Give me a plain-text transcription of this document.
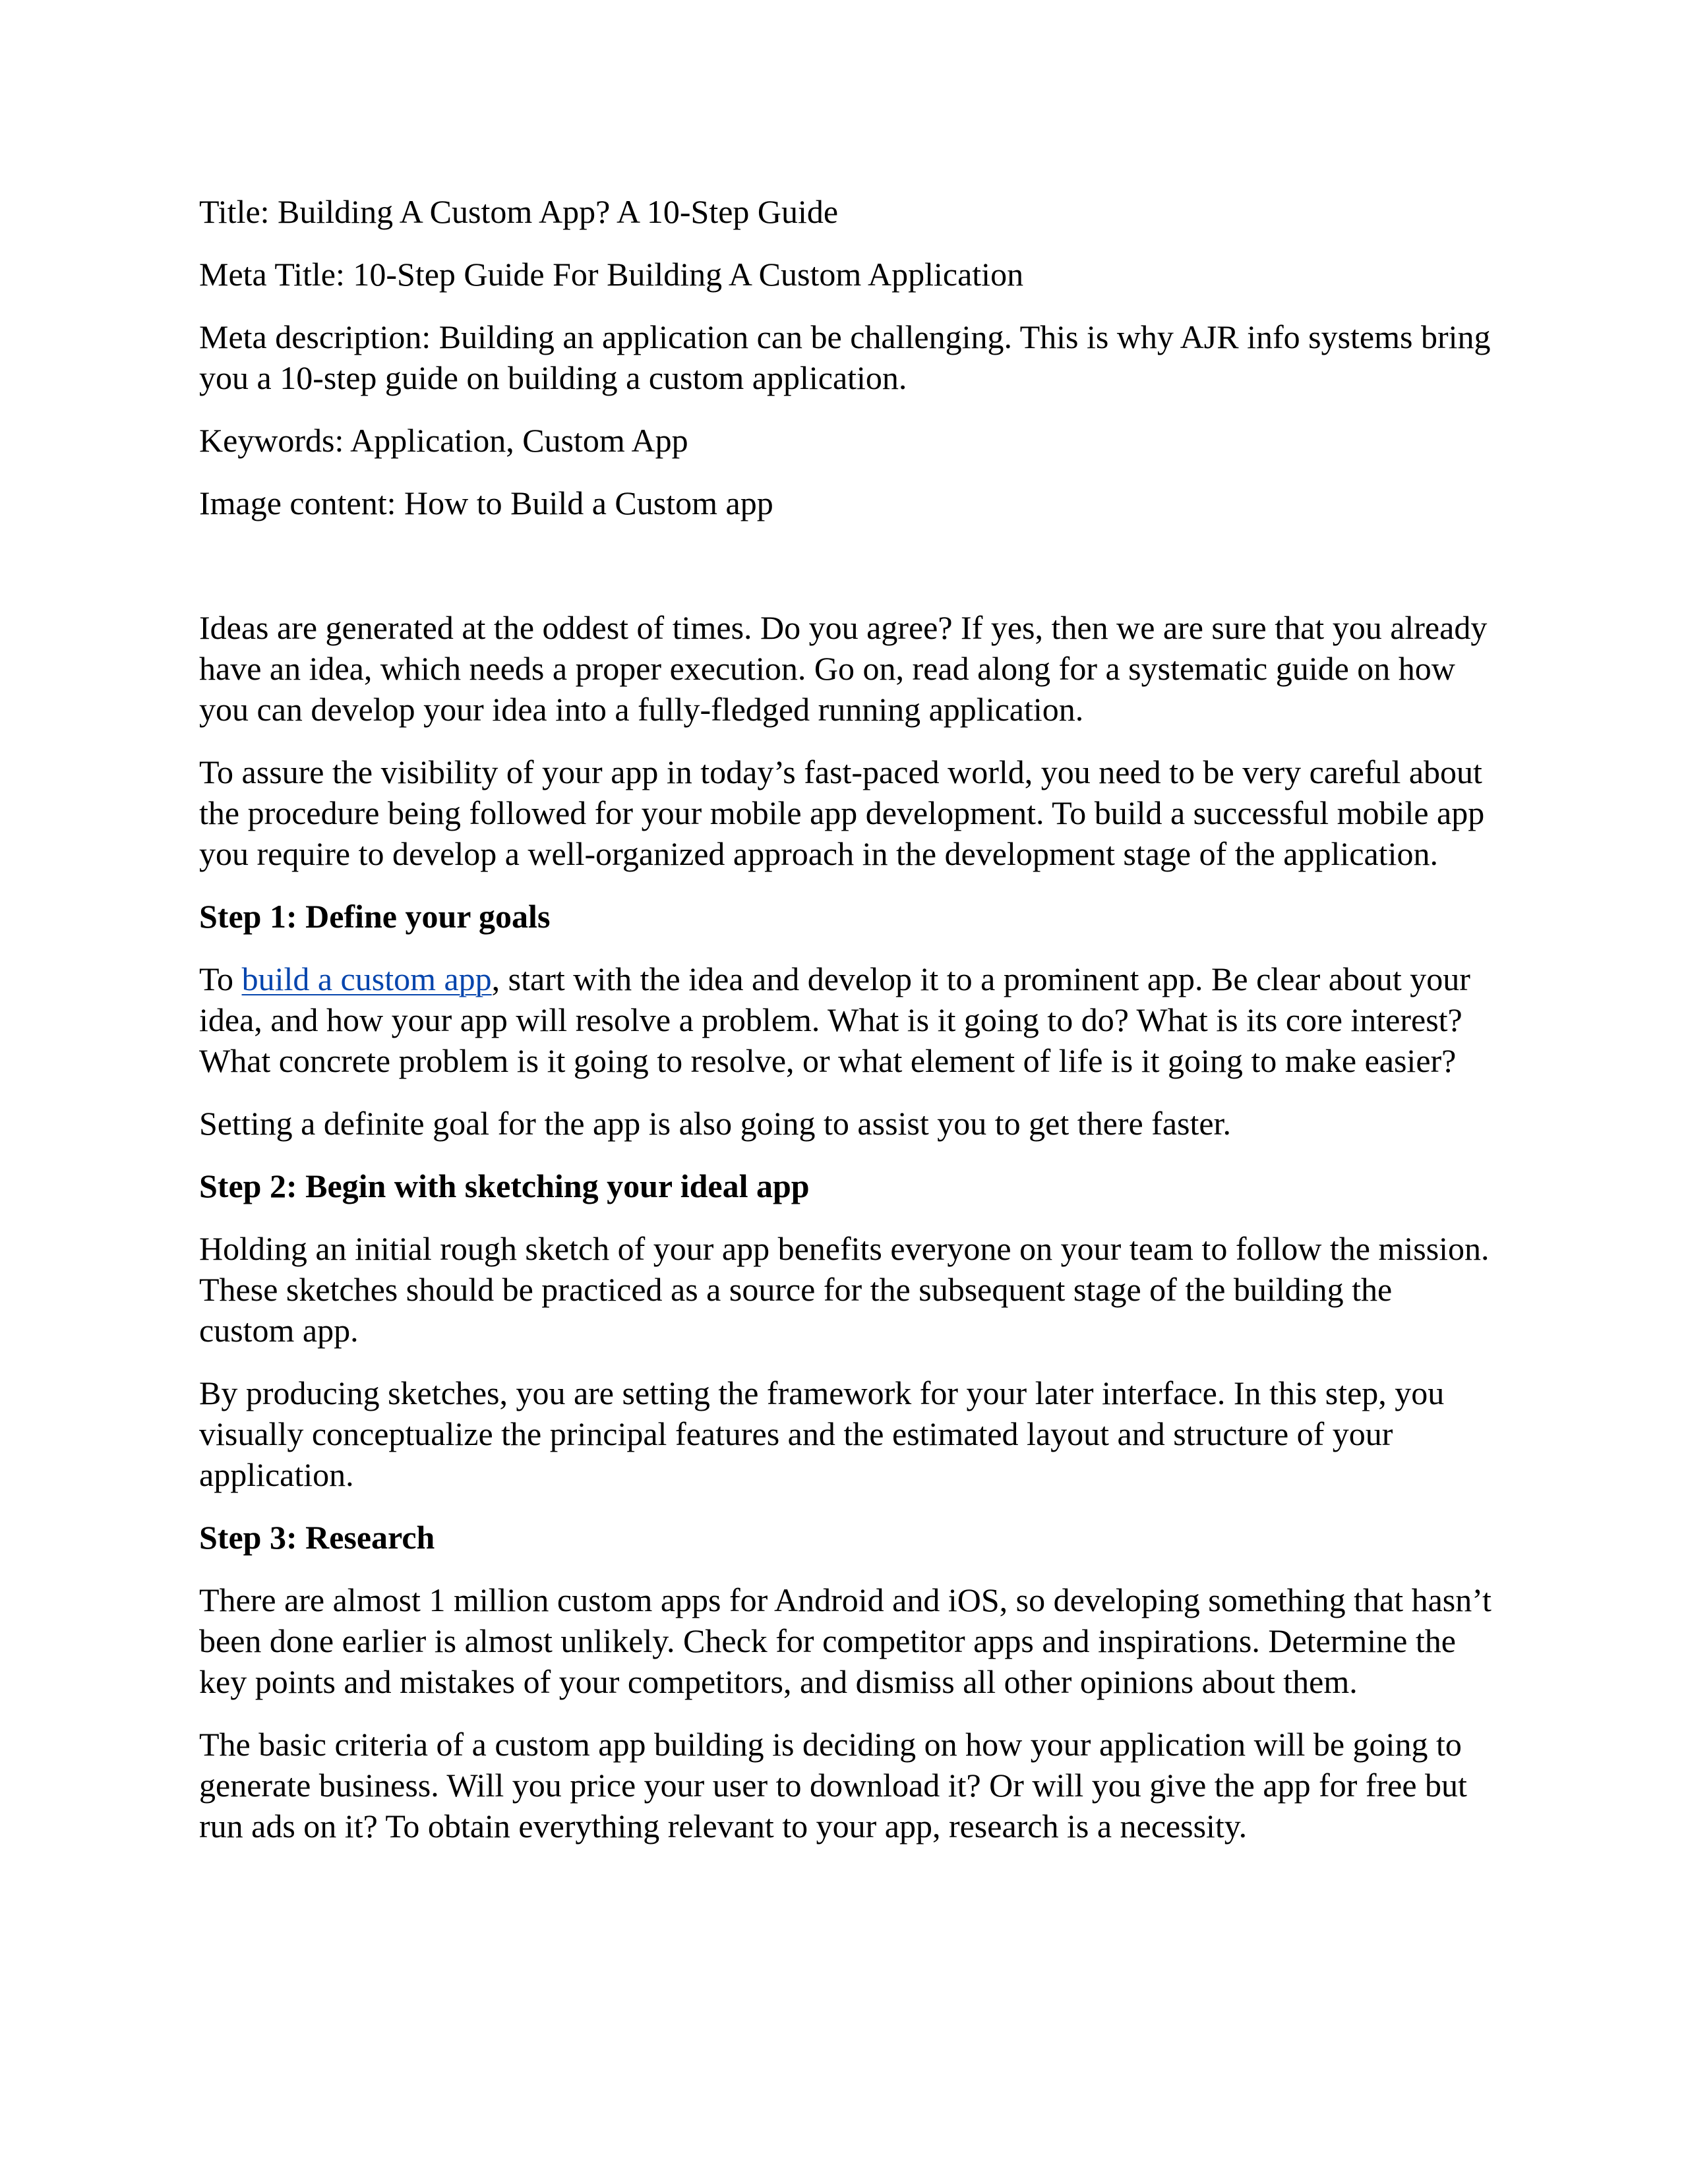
Title: Building A Custom App? A 10-Step Guide

Meta Title: 10-Step Guide For Building A Custom Application

Meta description: Building an application can be challenging. This is why AJR info systems bring you a 10-step guide on building a custom application.

Keywords: Application, Custom App

Image content: How to Build a Custom app

Ideas are generated at the oddest of times. Do you agree? If yes, then we are sure that you already have an idea, which needs a proper execution. Go on, read along for a systematic guide on how you can develop your idea into a fully-fledged running application.

To assure the visibility of your app in today’s fast-paced world, you need to be very careful about the procedure being followed for your mobile app development. To build a successful mobile app you require to develop a well-organized approach in the development stage of the application.

Step 1: Define your goals

To build a custom app, start with the idea and develop it to a prominent app. Be clear about your idea, and how your app will resolve a problem. What is it going to do? What is its core interest? What concrete problem is it going to resolve, or what element of life is it going to make easier?

Setting a definite goal for the app is also going to assist you to get there faster.

Step 2: Begin with sketching your ideal app

Holding an initial rough sketch of your app benefits everyone on your team to follow the mission. These sketches should be practiced as a source for the subsequent stage of the building the custom app.

By producing sketches, you are setting the framework for your later interface. In this step, you visually conceptualize the principal features and the estimated layout and structure of your application.

Step 3: Research

There are almost 1 million custom apps for Android and iOS, so developing something that hasn’t been done earlier is almost unlikely. Check for competitor apps and inspirations. Determine the key points and mistakes of your competitors, and dismiss all other opinions about them.

The basic criteria of a custom app building is deciding on how your application will be going to generate business. Will you price your user to download it? Or will you give the app for free but run ads on it? To obtain everything relevant to your app, research is a necessity.
